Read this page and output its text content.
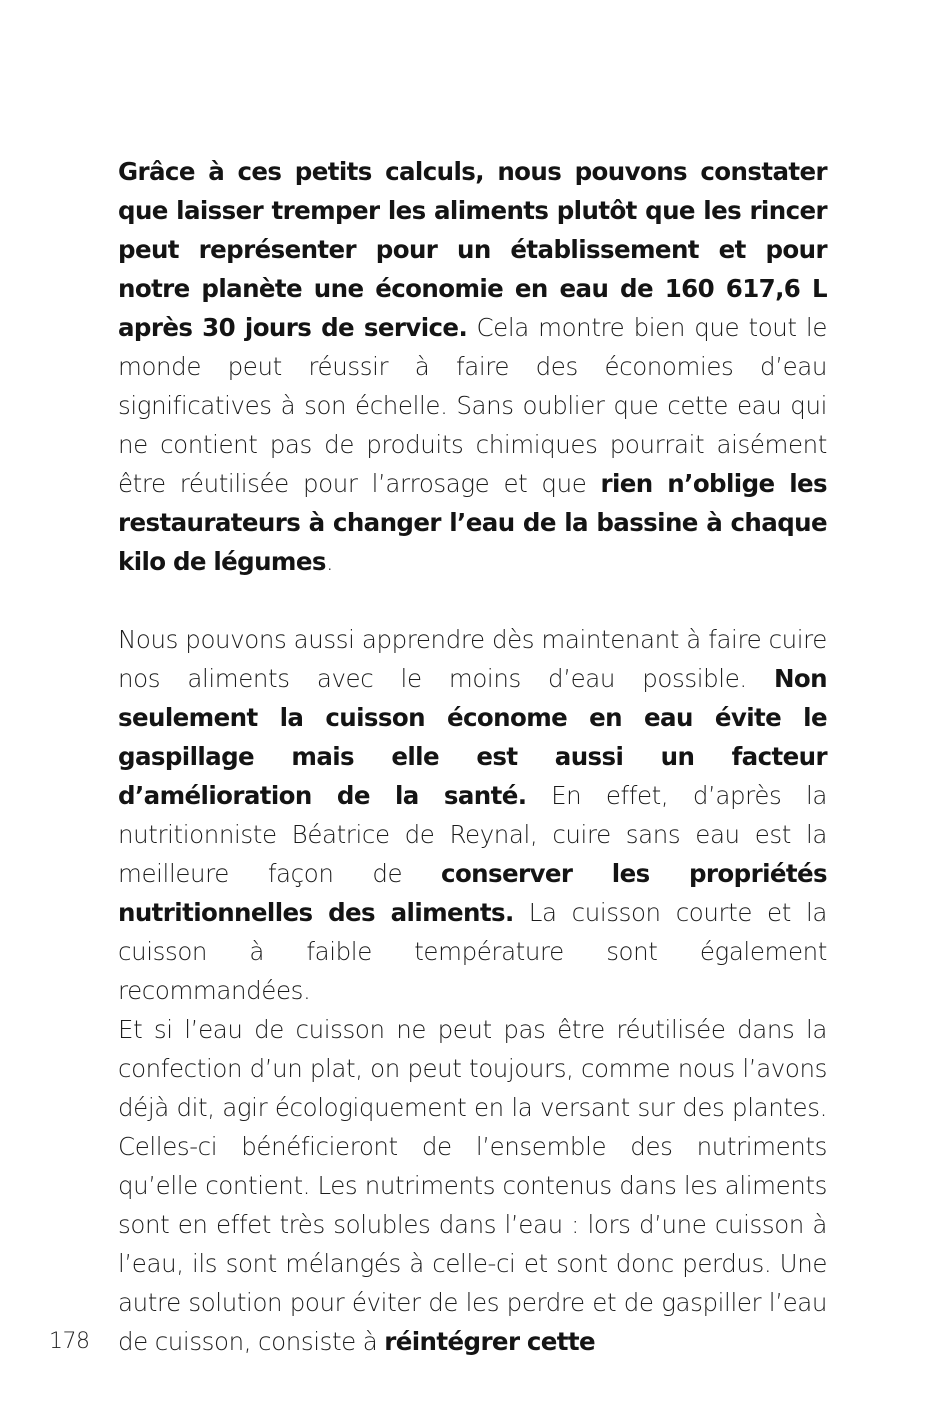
Grâce à ces petits calculs, nous pouvons constater que laisser tremper les aliments plutôt que les rincer peut représenter pour un établissement et pour notre planète une économie en eau de 160 617,6 L après 30 jours de service. Cela montre bien que tout le monde peut réussir à faire des économies d’eau significatives à son échelle. Sans oublier que cette eau qui ne contient pas de produits chimiques pourrait aisément être réutilisée pour l’arrosage et que rien n’oblige les restaurateurs à changer l’eau de la bassine à chaque kilo de légumes.

Nous pouvons aussi apprendre dès maintenant à faire cuire nos aliments avec le moins d’eau possible. Non seulement la cuisson économe en eau évite le gaspillage mais elle est aussi un facteur d’amélioration de la santé. En effet, d’après la nutritionniste Béatrice de Reynal, cuire sans eau est la meilleure façon de conserver les propriétés nutritionnelles des aliments. La cuisson courte et la cuisson à faible température sont également recommandées.

Et si l’eau de cuisson ne peut pas être réutilisée dans la confection d’un plat, on peut toujours, comme nous l’avons déjà dit, agir écologiquement en la versant sur des plantes. Celles-ci bénéficieront de l’ensemble des nutriments qu’elle contient. Les nutriments contenus dans les aliments sont en effet très solubles dans l’eau : lors d’une cuisson à l’eau, ils sont mélangés à celle-ci et sont donc perdus. Une autre solution pour éviter de les perdre et de gaspiller l’eau de cuisson, consiste à réintégrer cette

178
